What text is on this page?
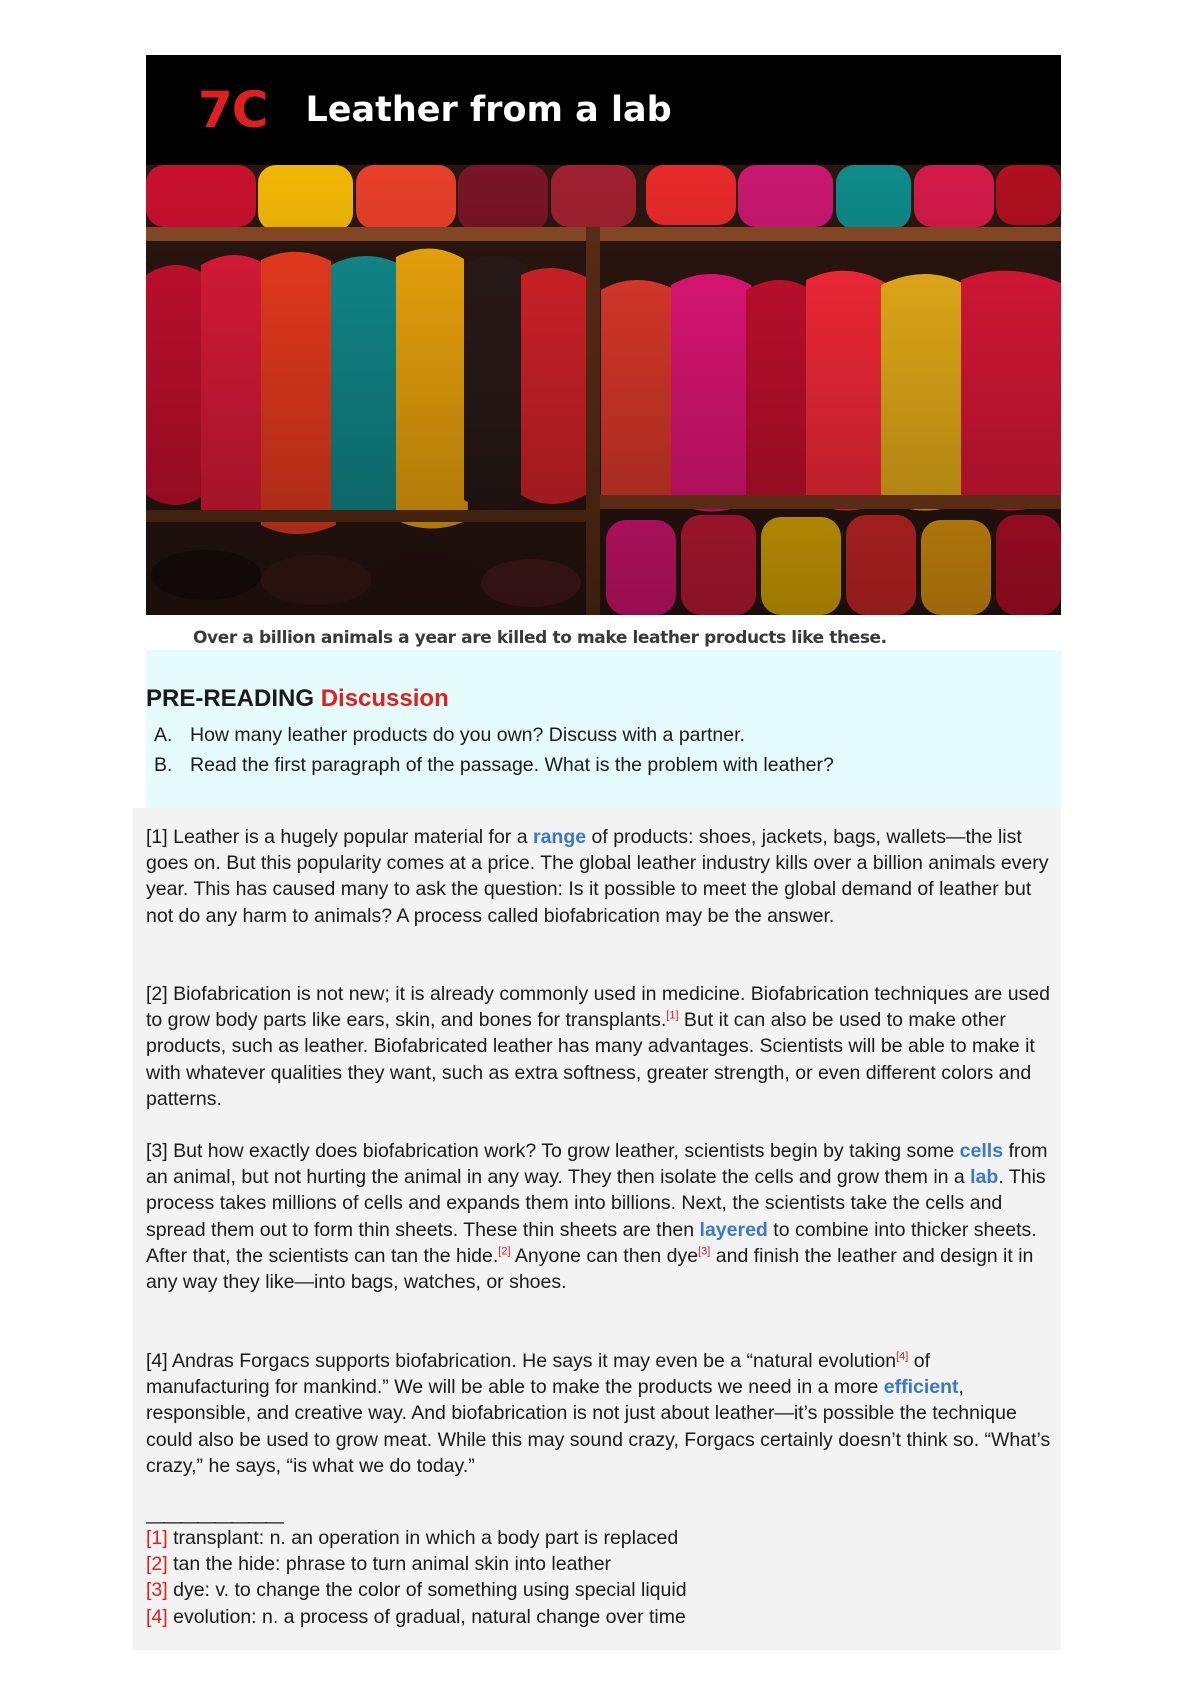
7C Leather from a lab
Over a billion animals a year are killed to make leather products like these.
PRE-READING Discussion
A. How many leather products do you own? Discuss with a partner.
B. Read the first paragraph of the passage. What is the problem with leather?

[1] Leather is a hugely popular material for a range of products: shoes, jackets, bags, wallets—the list goes on. But this popularity comes at a price. The global leather industry kills over a billion animals every year. This has caused many to ask the question: Is it possible to meet the global demand of leather but not do any harm to animals? A process called biofabrication may be the answer.

[2] Biofabrication is not new; it is already commonly used in medicine. Biofabrication techniques are used to grow body parts like ears, skin, and bones for transplants.[1] But it can also be used to make other products, such as leather. Biofabricated leather has many advantages. Scientists will be able to make it with whatever qualities they want, such as extra softness, greater strength, or even different colors and patterns.

[3] But how exactly does biofabrication work? To grow leather, scientists begin by taking some cells from an animal, but not hurting the animal in any way. They then isolate the cells and grow them in a lab. This process takes millions of cells and expands them into billions. Next, the scientists take the cells and spread them out to form thin sheets. These thin sheets are then layered to combine into thicker sheets. After that, the scientists can tan the hide.[2] Anyone can then dye[3] and finish the leather and design it in any way they like—into bags, watches, or shoes.

[4] Andras Forgacs supports biofabrication. He says it may even be a “natural evolution[4] of manufacturing for mankind.” We will be able to make the products we need in a more efficient, responsible, and creative way. And biofabrication is not just about leather—it’s possible the technique could also be used to grow meat. While this may sound crazy, Forgacs certainly doesn’t think so. “What’s crazy,” he says, “is what we do today.”

————————
[1] transplant: n. an operation in which a body part is replaced
[2] tan the hide: phrase to turn animal skin into leather
[3] dye: v. to change the color of something using special liquid
[4] evolution: n. a process of gradual, natural change over time
